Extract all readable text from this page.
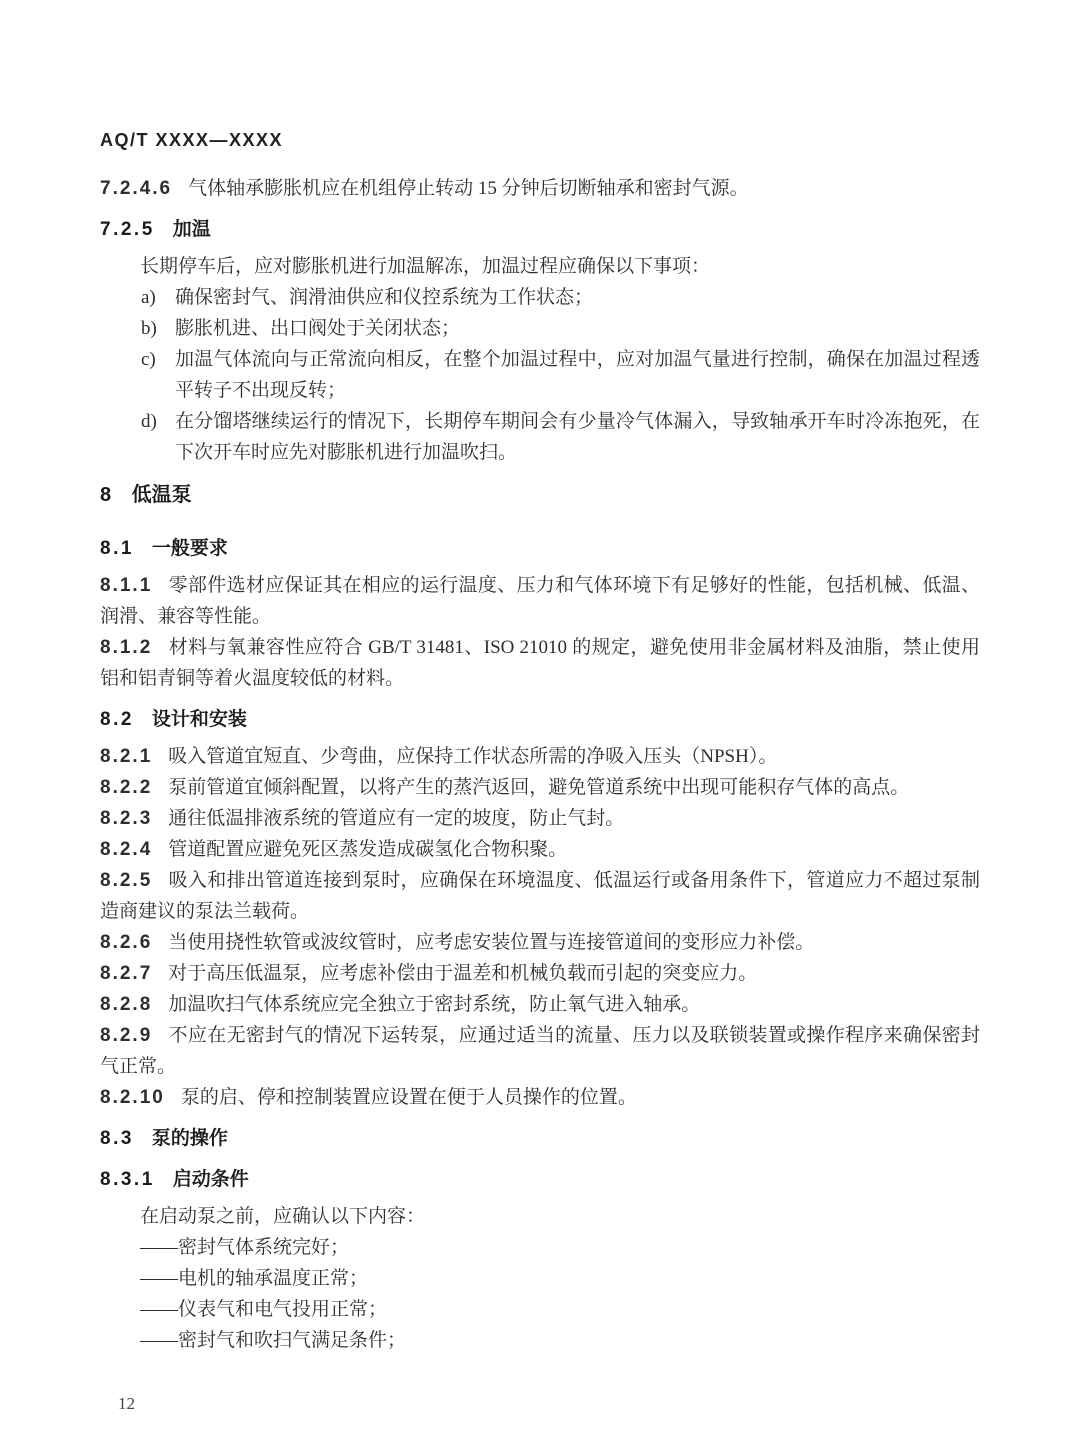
AQ/T XXXX—XXXX
7.2.4.6 气体轴承膨胀机应在机组停止转动 15 分钟后切断轴承和密封气源。
7.2.5 加温
长期停车后，应对膨胀机进行加温解冻，加温过程应确保以下事项：
a) 确保密封气、润滑油供应和仪控系统为工作状态；
b) 膨胀机进、出口阀处于关闭状态；
c) 加温气体流向与正常流向相反，在整个加温过程中，应对加温气量进行控制，确保在加温过程透平转子不出现反转；
d) 在分馏塔继续运行的情况下，长期停车期间会有少量冷气体漏入，导致轴承开车时冷冻抱死，在下次开车时应先对膨胀机进行加温吹扫。
8 低温泵
8.1 一般要求
8.1.1 零部件选材应保证其在相应的运行温度、压力和气体环境下有足够好的性能，包括机械、低温、润滑、兼容等性能。
8.1.2 材料与氧兼容性应符合 GB/T 31481、ISO 21010 的规定，避免使用非金属材料及油脂，禁止使用铝和铝青铜等着火温度较低的材料。
8.2 设计和安装
8.2.1 吸入管道宜短直、少弯曲，应保持工作状态所需的净吸入压头（NPSH）。
8.2.2 泵前管道宜倾斜配置，以将产生的蒸汽返回，避免管道系统中出现可能积存气体的高点。
8.2.3 通往低温排液系统的管道应有一定的坡度，防止气封。
8.2.4 管道配置应避免死区蒸发造成碳氢化合物积聚。
8.2.5 吸入和排出管道连接到泵时，应确保在环境温度、低温运行或备用条件下，管道应力不超过泵制造商建议的泵法兰载荷。
8.2.6 当使用挠性软管或波纹管时，应考虑安装位置与连接管道间的变形应力补偿。
8.2.7 对于高压低温泵，应考虑补偿由于温差和机械负载而引起的突变应力。
8.2.8 加温吹扫气体系统应完全独立于密封系统，防止氧气进入轴承。
8.2.9 不应在无密封气的情况下运转泵，应通过适当的流量、压力以及联锁装置或操作程序来确保密封气正常。
8.2.10 泵的启、停和控制装置应设置在便于人员操作的位置。
8.3 泵的操作
8.3.1 启动条件
在启动泵之前，应确认以下内容：
——密封气体系统完好；
——电机的轴承温度正常；
——仪表气和电气投用正常；
——密封气和吹扫气满足条件；
12
